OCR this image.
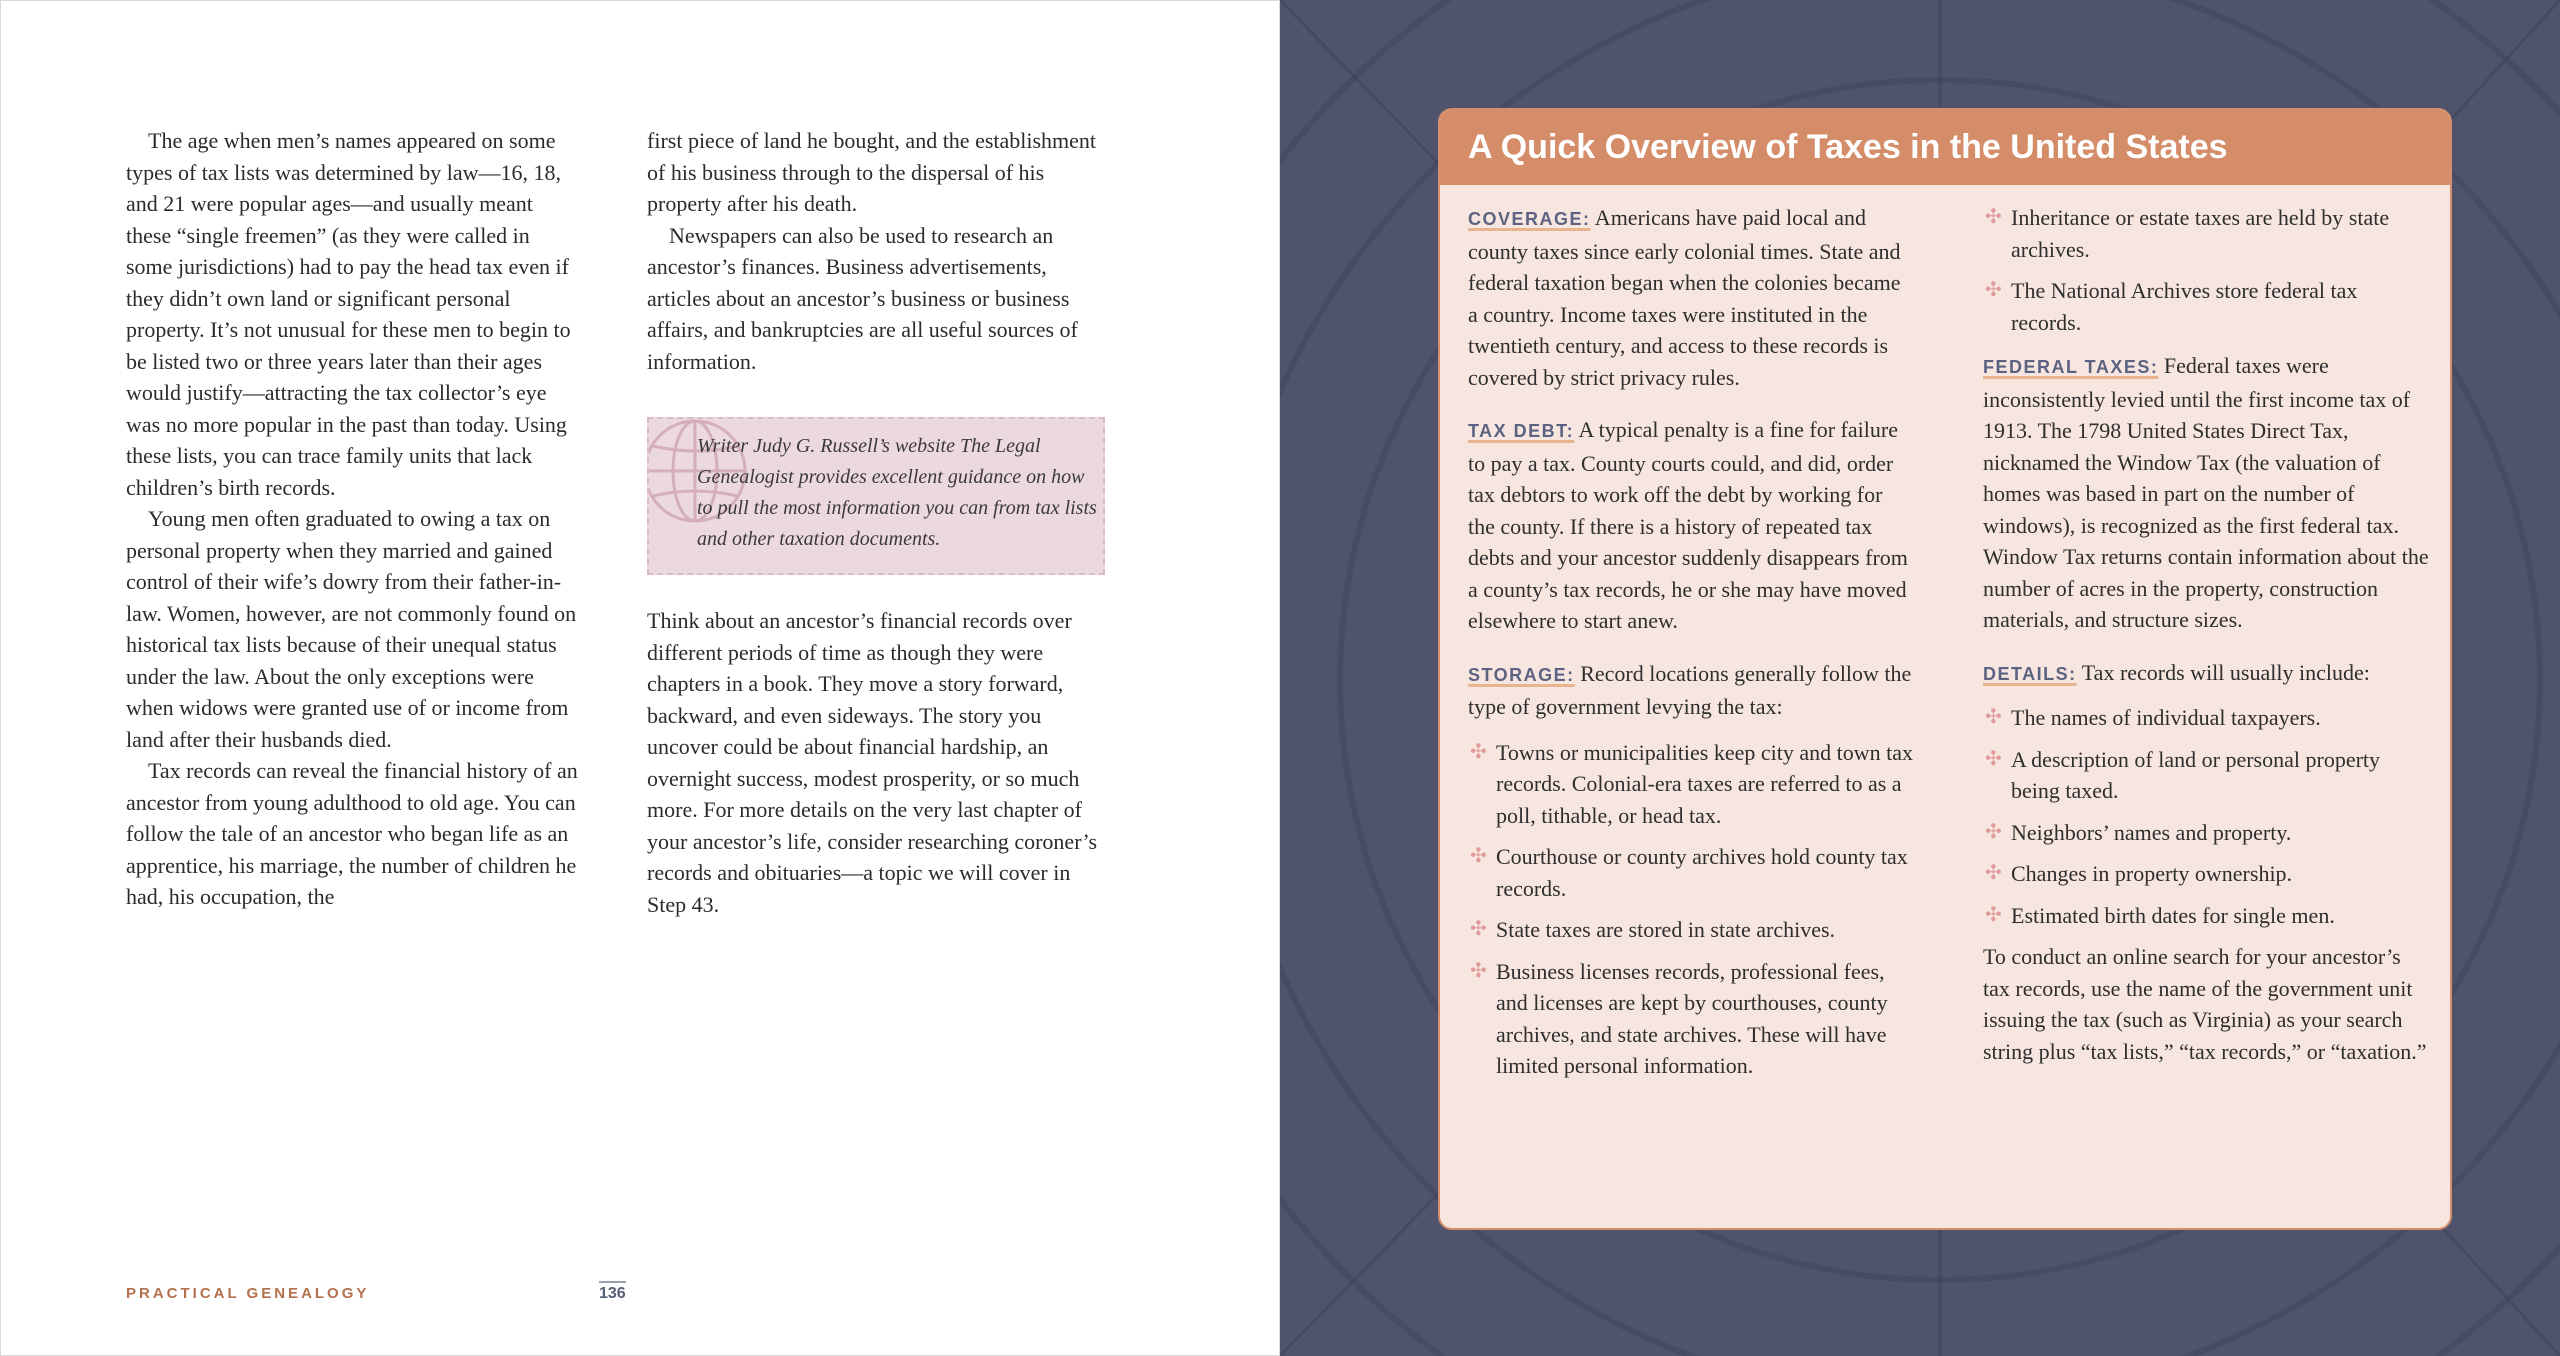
The age when men’s names appeared on some types of tax lists was determined by law—16, 18, and 21 were popular ages—and usually meant these “single freemen” (as they were called in some jurisdictions) had to pay the head tax even if they didn’t own land or significant personal property. It’s not unusual for these men to begin to be listed two or three years later than their ages would justify—attracting the tax collector’s eye was no more popular in the past than today. Using these lists, you can trace family units that lack children’s birth records.

Young men often graduated to owing a tax on personal property when they married and gained control of their wife’s dowry from their father-in-law. Women, however, are not commonly found on historical tax lists because of their unequal status under the law. About the only exceptions were when widows were granted use of or income from land after their husbands died.

Tax records can reveal the financial history of an ancestor from young adulthood to old age. You can follow the tale of an ancestor who began life as an apprentice, his marriage, the number of children he had, his occupation, the

first piece of land he bought, and the establishment of his business through to the dispersal of his property after his death.

Newspapers can also be used to research an ancestor’s finances. Business advertisements, articles about an ancestor’s business or business affairs, and bankruptcies are all useful sources of information.

Writer Judy G. Russell’s website The Legal Genealogist provides excellent guidance on how to pull the most information you can from tax lists and other taxation documents.

Think about an ancestor’s financial records over different periods of time as though they were chapters in a book. They move a story forward, backward, and even sideways. The story you uncover could be about financial hardship, an overnight success, modest prosperity, or so much more. For more details on the very last chapter of your ancestor’s life, consider researching coroner’s records and obituaries—a topic we will cover in Step 43.

PRACTICAL GENEALOGY	136
A Quick Overview of Taxes in the United States

COVERAGE: Americans have paid local and county taxes since early colonial times. State and federal taxation began when the colonies became a country. Income taxes were instituted in the twentieth century, and access to these records is covered by strict privacy rules.

TAX DEBT: A typical penalty is a fine for failure to pay a tax. County courts could, and did, order tax debtors to work off the debt by working for the county. If there is a history of repeated tax debts and your ancestor suddenly disappears from a county’s tax records, he or she may have moved elsewhere to start anew.

STORAGE: Record locations generally follow the type of government levying the tax:

✣ Towns or municipalities keep city and town tax records. Colonial-era taxes are referred to as a poll, tithable, or head tax.
✣ Courthouse or county archives hold county tax records.
✣ State taxes are stored in state archives.
✣ Business licenses records, professional fees, and licenses are kept by courthouses, county archives, and state archives. These will have limited personal information.
✣ Inheritance or estate taxes are held by state archives.
✣ The National Archives store federal tax records.

FEDERAL TAXES: Federal taxes were inconsistently levied until the first income tax of 1913. The 1798 United States Direct Tax, nicknamed the Window Tax (the valuation of homes was based in part on the number of windows), is recognized as the first federal tax. Window Tax returns contain information about the number of acres in the property, construction materials, and structure sizes.

DETAILS: Tax records will usually include:

✣ The names of individual taxpayers.
✣ A description of land or personal property being taxed.
✣ Neighbors’ names and property.
✣ Changes in property ownership.
✣ Estimated birth dates for single men.

To conduct an online search for your ancestor’s tax records, use the name of the government unit issuing the tax (such as Virginia) as your search string plus “tax lists,” “tax records,” or “taxation.”
